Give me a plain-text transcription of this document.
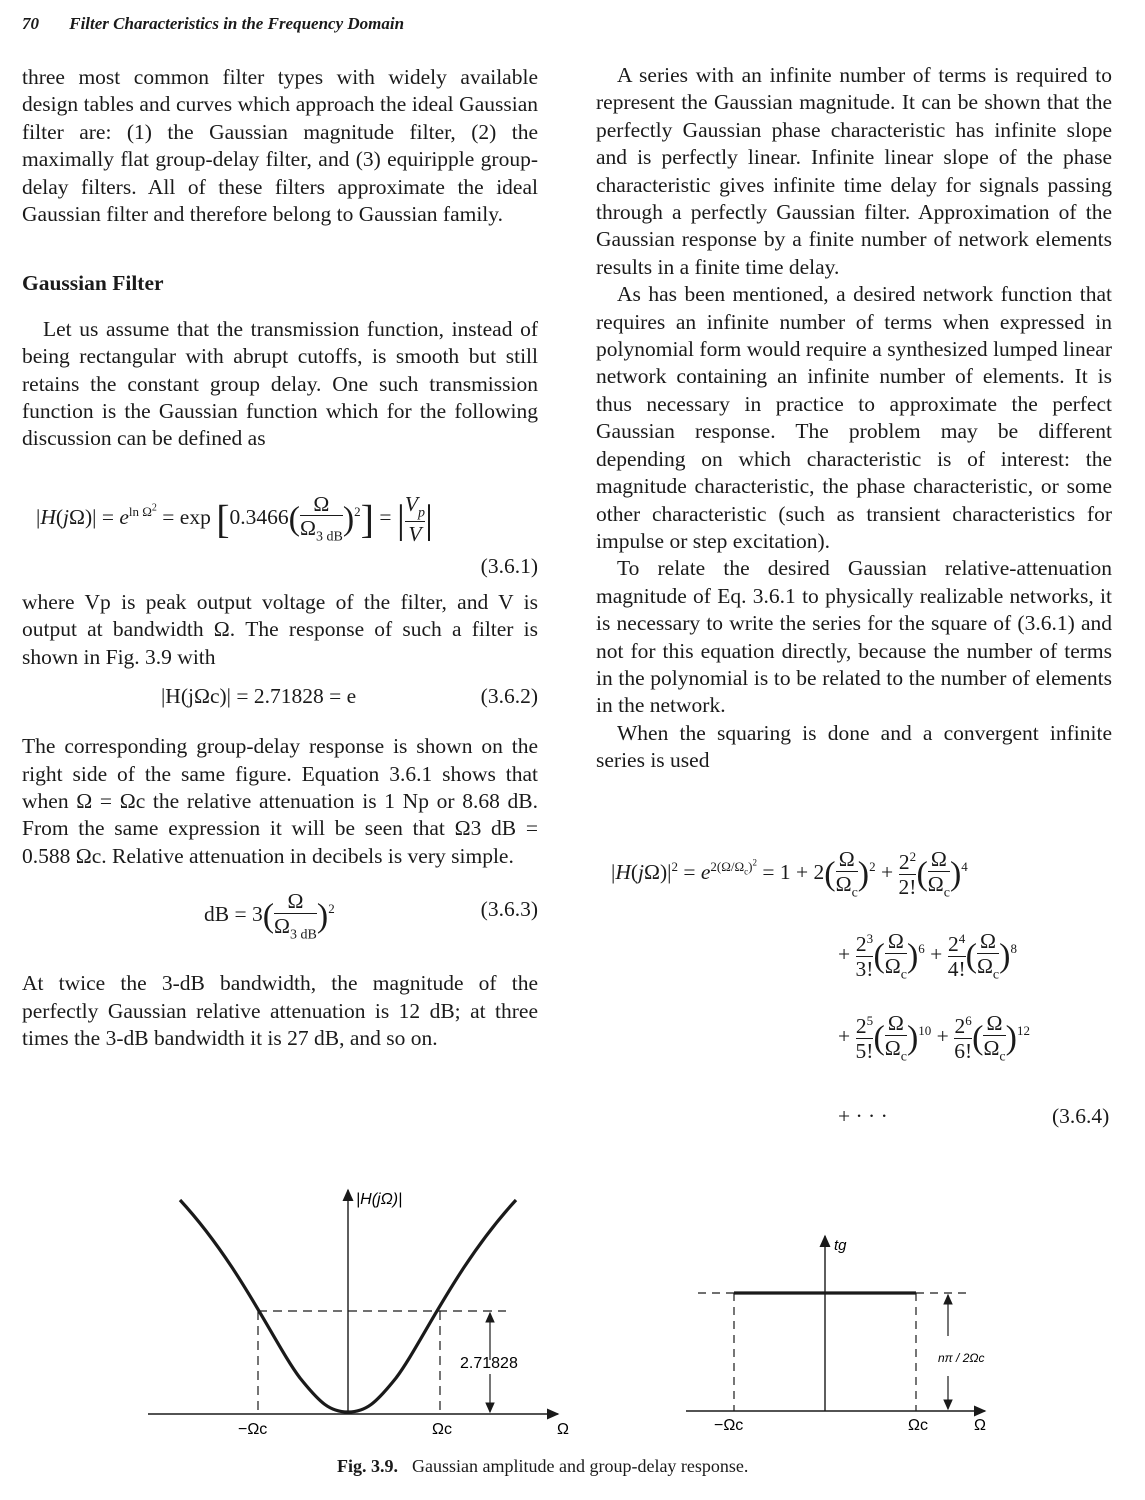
70 Filter Characteristics in the Frequency Domain

three most common filter types with widely available design tables and curves which approach the ideal Gaussian filter are: (1) the Gaussian magnitude filter, (2) the maximally flat group-delay filter, and (3) equiripple group-delay filters. All of these filters approximate the ideal Gaussian filter and therefore belong to Gaussian family.

Gaussian Filter

Let us assume that the transmission function, instead of being rectangular with abrupt cutoffs, is smooth but still retains the constant group delay. One such transmission function is the Gaussian function which for the following discussion can be defined as

$|H(j\Omega)| = e^{ln \Omega^2} = \exp [0.3466( \frac{\Omega}{\Omega_{3 dB}} )^2]$ = | $\frac{V_p}{V}$ |
(3.6.1)

where Vp is peak output voltage of the filter, and V is output at bandwidth Ω. The response of such a filter is shown in Fig. 3.9 with

|H(jΩc)| = 2.71828 = e	(3.6.2)

The corresponding group-delay response is shown on the right side of the same figure. Equation 3.6.1 shows that when Ω = Ωc the relative attenuation is 1 Np or 8.68 dB. From the same expression it will be seen that Ω3 dB = 0.588 Ωc. Relative attenuation in decibels is very simple.

dB = $3( \frac{\Omega}{\Omega_{3 dB}} )^2$	(3.6.3)

At twice the 3-dB bandwidth, the magnitude of the perfectly Gaussian relative attenuation is 12 dB; at three times the 3-dB bandwidth it is 27 dB, and so on.

A series with an infinite number of terms is required to represent the Gaussian magnitude. It can be shown that the perfectly Gaussian phase characteristic has infinite slope and is perfectly linear. Infinite linear slope of the phase characteristic gives infinite time delay for signals passing through a perfectly Gaussian filter. Approximation of the Gaussian response by a finite number of network elements results in a finite time delay.

As has been mentioned, a desired network function that requires an infinite number of terms when expressed in polynomial form would require a synthesized lumped linear network containing an infinite number of elements. It is thus necessary in practice to approximate the perfect Gaussian response. The problem may be different depending on which characteristic is of interest: the magnitude characteristic, the phase characteristic, or some other characteristic (such as transient characteristics for impulse or step excitation).

To relate the desired Gaussian relative-attenuation magnitude of Eq. 3.6.1 to physically realizable networks, it is necessary to write the series for the square of (3.6.1) and not for this equation directly, because the number of terms in the polynomial is to be related to the number of elements in the network.

When the squaring is done and a convergent infinite series is used

$|H(j\Omega)|^2 = e^{2(\Omega/\Omega_c)^2} = 1 + 2( \frac{\Omega}{\Omega_c} )^2 + \frac{2^2}{2!}$ ( $\frac{\Omega}{\Omega_c} )^4$
+ $\frac{2^3}{3!}$ ( $\frac{\Omega}{\Omega_c} )^6 + \frac{2^4}{4!}$ ( $\frac{\Omega}{\Omega_c} )^8$
+ $\frac{2^5}{5!}$ ( $\frac{\Omega}{\Omega_c} )^{10} + \frac{2^6}{6!}$ ( $\frac{\Omega}{\Omega_c} )^{12}$
+ · · ·	(3.6.4)
|H(jΩ)|
2.71828
−Ωc	Ωc	Ω
tg
nπ / 2Ωc
−Ωc	Ωc	Ω
Fig. 3.9. Gaussian amplitude and group-delay response.
